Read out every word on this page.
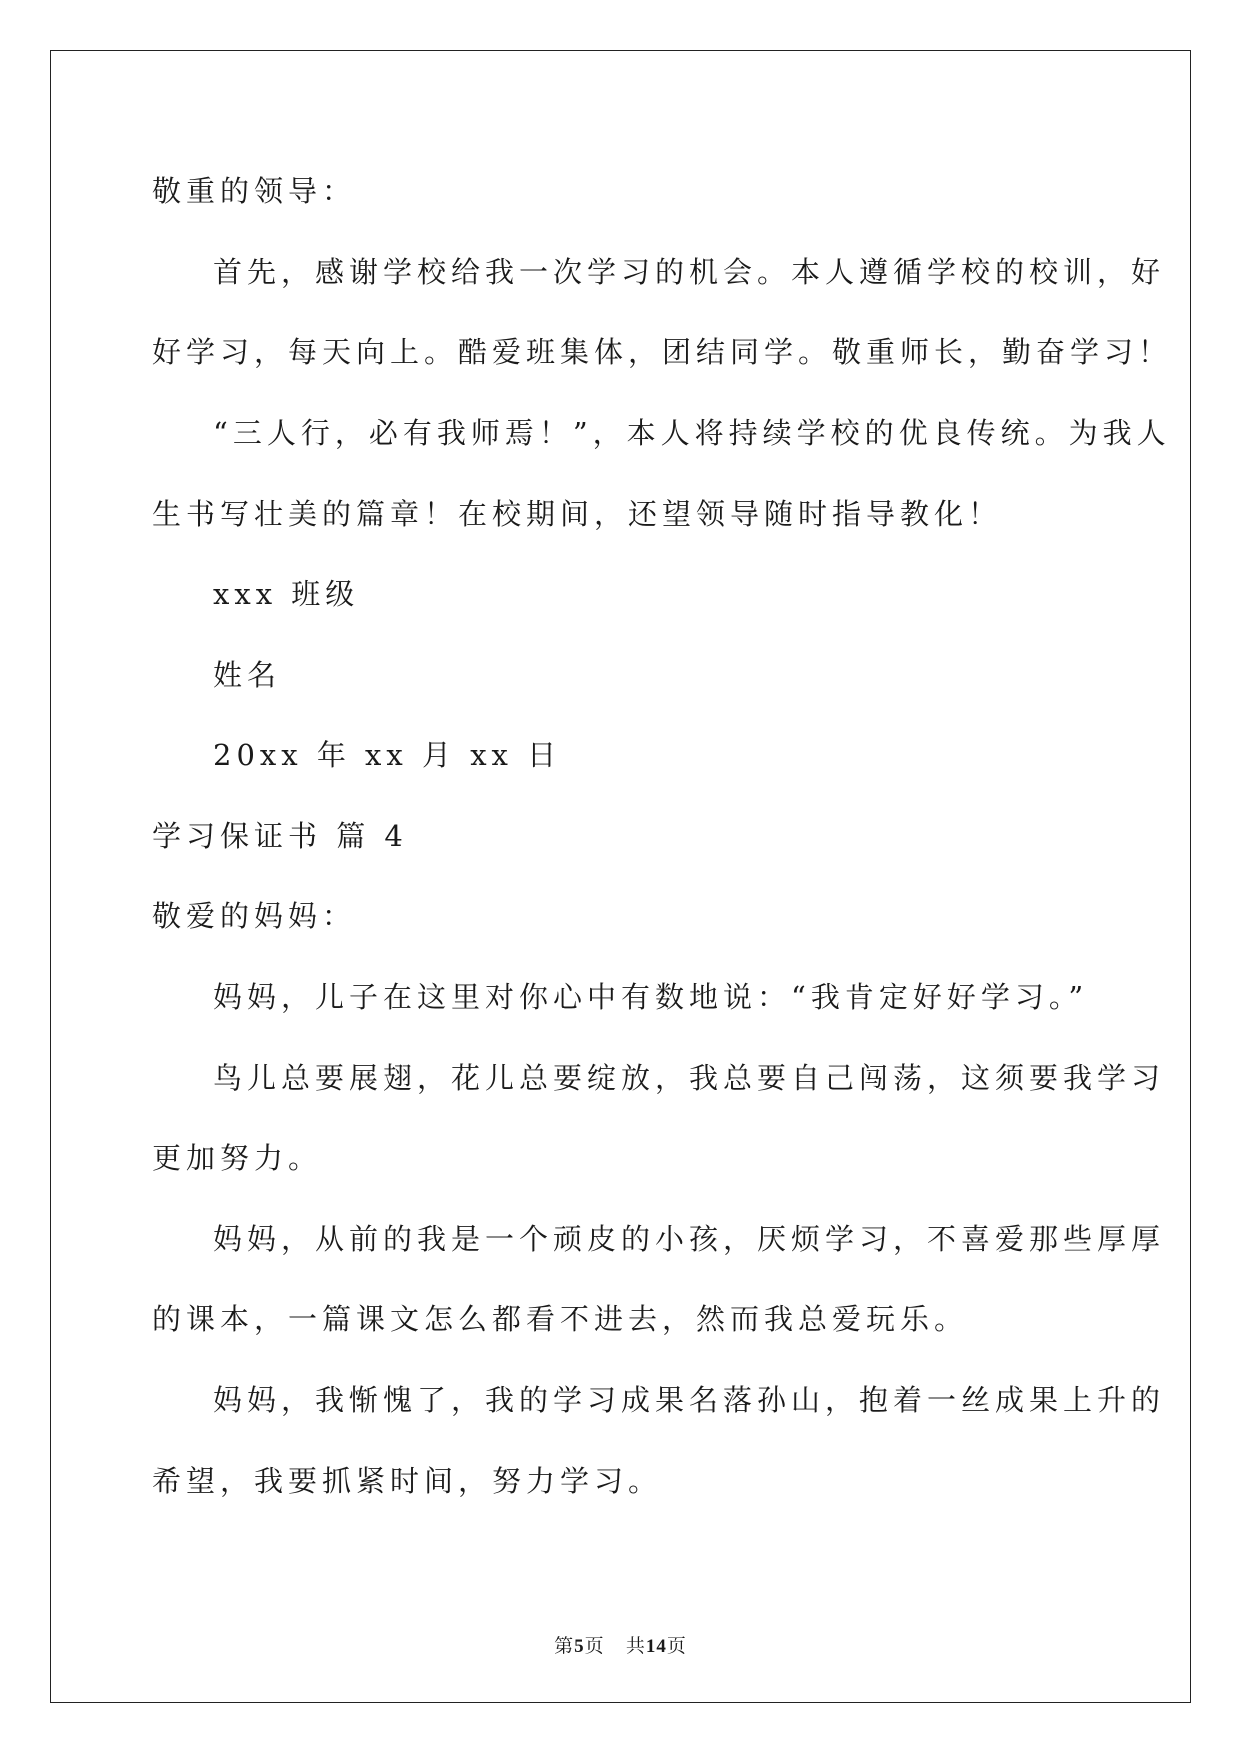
敬重的领导：
首先，感谢学校给我一次学习的机会。本人遵循学校的校训，好
好学习，每天向上。酷爱班集体，团结同学。敬重师长，勤奋学习！
“三人行，必有我师焉！”，本人将持续学校的优良传统。为我人
生书写壮美的篇章！在校期间，还望领导随时指导教化！
xxx 班级
姓名
20xx 年 xx 月 xx 日
学习保证书 篇 4
敬爱的妈妈：
妈妈，儿子在这里对你心中有数地说：“我肯定好好学习。”
鸟儿总要展翅，花儿总要绽放，我总要自己闯荡，这须要我学习
更加努力。
妈妈，从前的我是一个顽皮的小孩，厌烦学习，不喜爱那些厚厚
的课本，一篇课文怎么都看不进去，然而我总爱玩乐。
妈妈，我惭愧了，我的学习成果名落孙山，抱着一丝成果上升的
希望，我要抓紧时间，努力学习。
第5页 共14页
